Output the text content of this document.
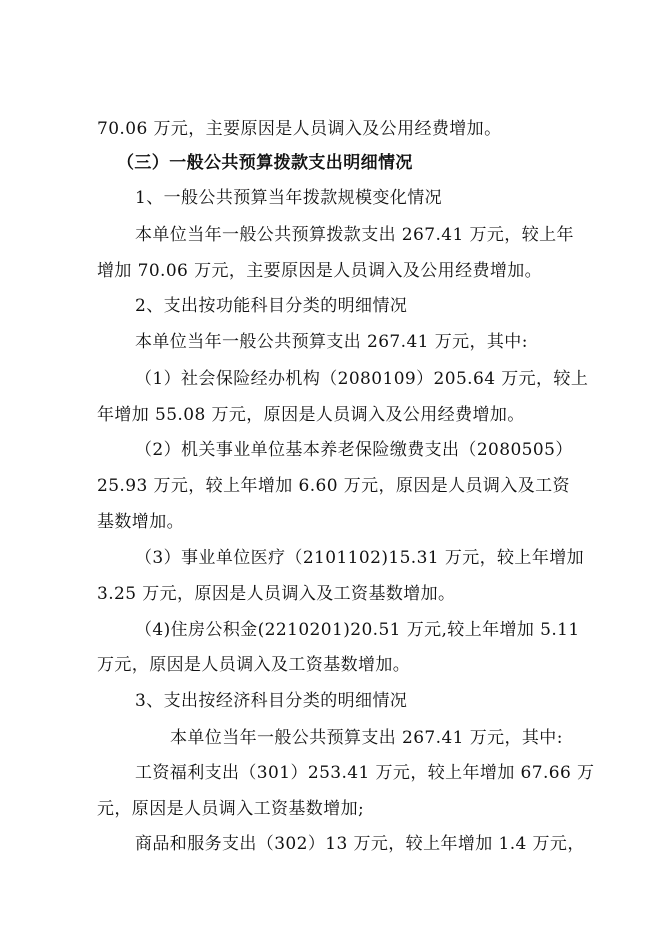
70.06 万元，主要原因是人员调入及公用经费增加。
（三）一般公共预算拨款支出明细情况
1、一般公共预算当年拨款规模变化情况
本单位当年一般公共预算拨款支出 267.41 万元，较上年
增加 70.06 万元，主要原因是人员调入及公用经费增加。
2、支出按功能科目分类的明细情况
本单位当年一般公共预算支出 267.41 万元，其中:
（1）社会保险经办机构（2080109）205.64 万元，较上
年增加 55.08 万元，原因是人员调入及公用经费增加。
（2）机关事业单位基本养老保险缴费支出（2080505）
25.93 万元，较上年增加 6.60 万元，原因是人员调入及工资
基数增加。
（3）事业单位医疗（2101102)15.31 万元，较上年增加
3.25 万元，原因是人员调入及工资基数增加。
（4)住房公积金(2210201)20.51 万元,较上年增加 5.11
万元，原因是人员调入及工资基数增加。
3、支出按经济科目分类的明细情况
本单位当年一般公共预算支出 267.41 万元，其中:
工资福利支出（301）253.41 万元，较上年增加 67.66 万
元，原因是人员调入工资基数增加;
商品和服务支出（302）13 万元，较上年增加 1.4 万元，
